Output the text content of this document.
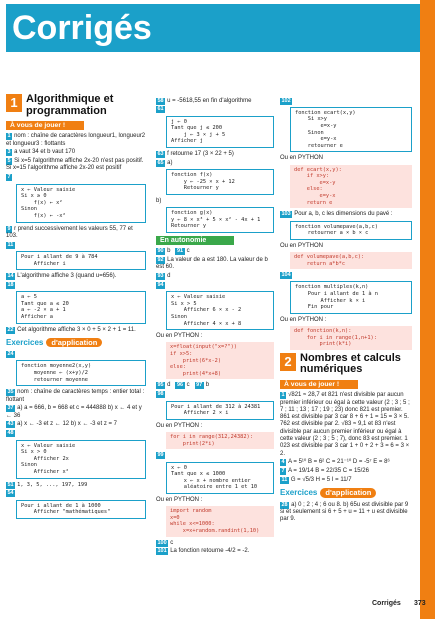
Corrigés
1 Algorithmique et programmation
À vous de jouer !
1 nom : chaîne de caractères longueur1, longueur2 et longueur3 : flottants
3 a vaut 34 et b vaut 170
5 Si x=5 l'algorithme affiche 2x-20 n'est pas positif. Si x=15 l'algorithme affiche 2x-20 est positif
7
x ← Valeur saisie
Si x ≥ 0
f(x) ← x²
Sinon
f(x) ← -x²
9 r prend successivement les valeurs 55, 77 et 103.
11
Pour i allant de 9 à 784
Afficher i
14 L'algorithme affiche 3 (quand u=656).
18
a ← 5
Tant que a ≤ 20
a ← -2 × a + 1
Afficher a
22 Cet algorithme affiche 3 × 0 + 5 × 2 + 1 = 11.
Exercices	d'application
24
fonction moyenne2(x,y)
moyenne ← (x+y)/2
retourner moyenne
35 nom : chaîne de caractères temps : entier total : flottant
37 a) a = 666, b = 668 et c = 444888 b) x ← 4 et y ← 36
43 a) x ← -3 et z ← 12 b) x ← -3 et z = 7
48
x ← Valeur saisie
Si x > 0
Afficher 2x
Sinon
Afficher x²
51 1, 3, 5, ..., 197, 199
54
Pour i allant de 1 à 1000
Afficher "mathématiques"
58 u = -5618,55 en fin d'algorithme
61
j ← 0
Tant que j ≤ 200
j ← 3 × j + 5
Afficher j
63 f retourne 17 (3 × 22 + 5)
65 a)
fonction f(x)
y ← -25 × x + 12
Retourner y
b)
fonction g(x)
y ← 8 × x³ + 5 × x² - 4x + 1
Retourner y
En autonomie
90 b 91 c
92 La valeur de a est 180. La valeur de b est 60.
93 d
94
x ← Valeur saisie
Si x > 5
Afficher 6 × x - 2
Sinon
Afficher 4 × x + 8
Ou en PYTHON :
x=float(input("x=?"))
if x>5:
print(6*x-2)
else:
print(4*x+8)
95 d 96 c 97 b
98
Pour i allant de 312 à 24381
Afficher 2 × i
Ou en PYTHON :
for i in range(312,24382):
print(2*i)
99
x ← 0
Tant que x ≤ 1000
x ← x + nombre entier
aléatoire entre 1 et 10
Ou en PYTHON :
import random
x=0
while x<=1000:
x=x+random.randint(1,10)
100 c
101 La fonction retourne -4/2 = -2.
102
fonction ecart(x,y)
Si x>y
e=x-y
Sinon
e=y-x
retourner e
Ou en PYTHON
def ecart(x,y):
if x>y:
e=x-y
else:
e=y-x
return e
103 Pour a, b, c les dimensions du pavé :
fonction volumepave(a,b,c)
retourner a × b × c
Ou en PYTHON
def volumepave(a,b,c):
return a*b*c
104
fonction multiples(k,n)
Pour i allant de 1 à n
Afficher k × i
Fin pour
Ou en PYTHON :
def fonction(k,n):
for i in range(1,n+1):
print(k*i)
2 Nombres et calculs numériques
À vous de jouer !
1 √821 ≈ 28,7 et 821 n'est divisible par aucun premier inférieur ou égal à cette valeur (2 ; 3 ; 5 ; 7 ; 11 ; 13 ; 17 ; 19 ; 23) donc 821 est premier. 861 est divisible par 3 car 8 + 6 + 1 = 15 = 3 × 5. 762 est divisible par 2. √83 ≈ 9,1 et 83 n'est divisible par aucun premier inférieur ou égal à cette valeur (2 ; 3 ; 5 ; 7), donc 83 est premier. 1 023 est divisible par 3 car 1 + 0 + 2 + 3 = 6 = 3 × 2.
4 A = 5¹⁰ B = 6² C = 21⁻¹⁰ D = -5⁷ E = 8⁶
7 A = 19/14 B = 22/35 C = 15/26
11 G = √5/3 H = 5 I = 11/7
Exercices	d'application
28 a) 0 ; 2 ; 4 ; 6 ou 8. b) 65u est divisible par 9 si et seulement si 6 + 5 + u = 11 + u est divisible par 9.
Corrigés 373
